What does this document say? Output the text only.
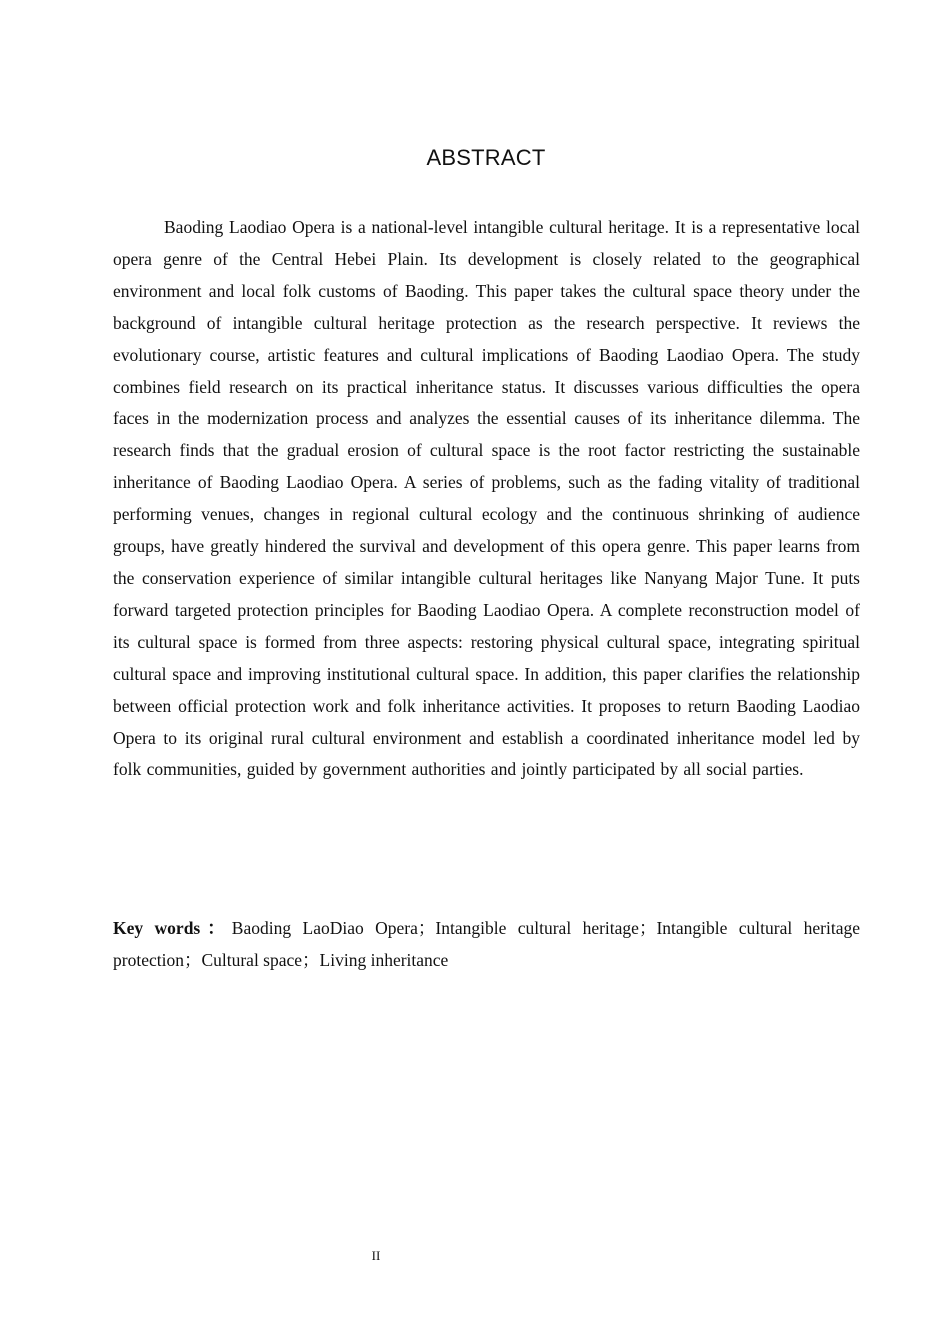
ABSTRACT

Baoding Laodiao Opera is a national-level intangible cultural heritage. It is a representative local opera genre of the Central Hebei Plain. Its development is closely related to the geographical environment and local folk customs of Baoding. This paper takes the cultural space theory under the background of intangible cultural heritage protection as the research perspective. It reviews the evolutionary course, artistic features and cultural implications of Baoding Laodiao Opera. The study combines field research on its practical inheritance status. It discusses various difficulties the opera faces in the modernization process and analyzes the essential causes of its inheritance dilemma. The research finds that the gradual erosion of cultural space is the root factor restricting the sustainable inheritance of Baoding Laodiao Opera. A series of problems, such as the fading vitality of traditional performing venues, changes in regional cultural ecology and the continuous shrinking of audience groups, have greatly hindered the survival and development of this opera genre. This paper learns from the conservation experience of similar intangible cultural heritages like Nanyang Major Tune. It puts forward targeted protection principles for Baoding Laodiao Opera. A complete reconstruction model of its cultural space is formed from three aspects: restoring physical cultural space, integrating spiritual cultural space and improving institutional cultural space. In addition, this paper clarifies the relationship between official protection work and folk inheritance activities. It proposes to return Baoding Laodiao Opera to its original rural cultural environment and establish a coordinated inheritance model led by folk communities, guided by government authorities and jointly participated by all social parties.

Key words：Baoding LaoDiao Opera；Intangible cultural heritage；Intangible cultural heritage protection；Cultural space；Living inheritance

II
